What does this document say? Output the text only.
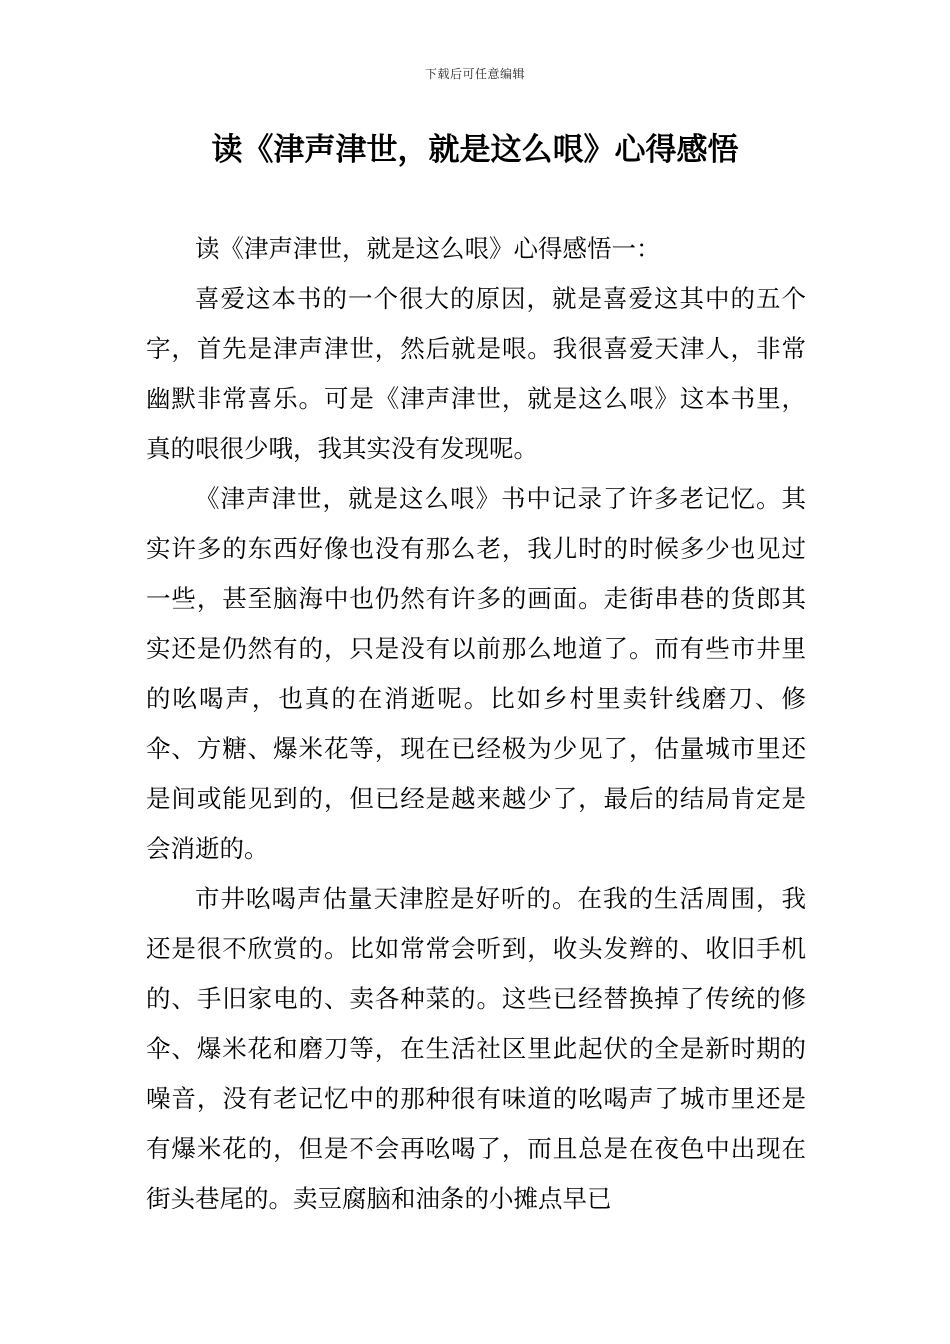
下载后可任意编辑
读《津声津世，就是这么哏》心得感悟

读《津声津世，就是这么哏》心得感悟一：

喜爱这本书的一个很大的原因，就是喜爱这其中的五个字，首先是津声津世，然后就是哏。我很喜爱天津人，非常幽默非常喜乐。可是《津声津世，就是这么哏》这本书里，真的哏很少哦，我其实没有发现呢。

《津声津世，就是这么哏》书中记录了许多老记忆。其实许多的东西好像也没有那么老，我儿时的时候多少也见过一些，甚至脑海中也仍然有许多的画面。走街串巷的货郎其实还是仍然有的，只是没有以前那么地道了。而有些市井里的吆喝声，也真的在消逝呢。比如乡村里卖针线磨刀、修伞、方糖、爆米花等，现在已经极为少见了，估量城市里还是间或能见到的，但已经是越来越少了，最后的结局肯定是会消逝的。

市井吆喝声估量天津腔是好听的。在我的生活周围，我还是很不欣赏的。比如常常会听到，收头发辫的、收旧手机的、手旧家电的、卖各种菜的。这些已经替换掉了传统的修伞、爆米花和磨刀等，在生活社区里此起伏的全是新时期的噪音，没有老记忆中的那种很有味道的吆喝声了城市里还是有爆米花的，但是不会再吆喝了，而且总是在夜色中出现在街头巷尾的。卖豆腐脑和油条的小摊点早已
